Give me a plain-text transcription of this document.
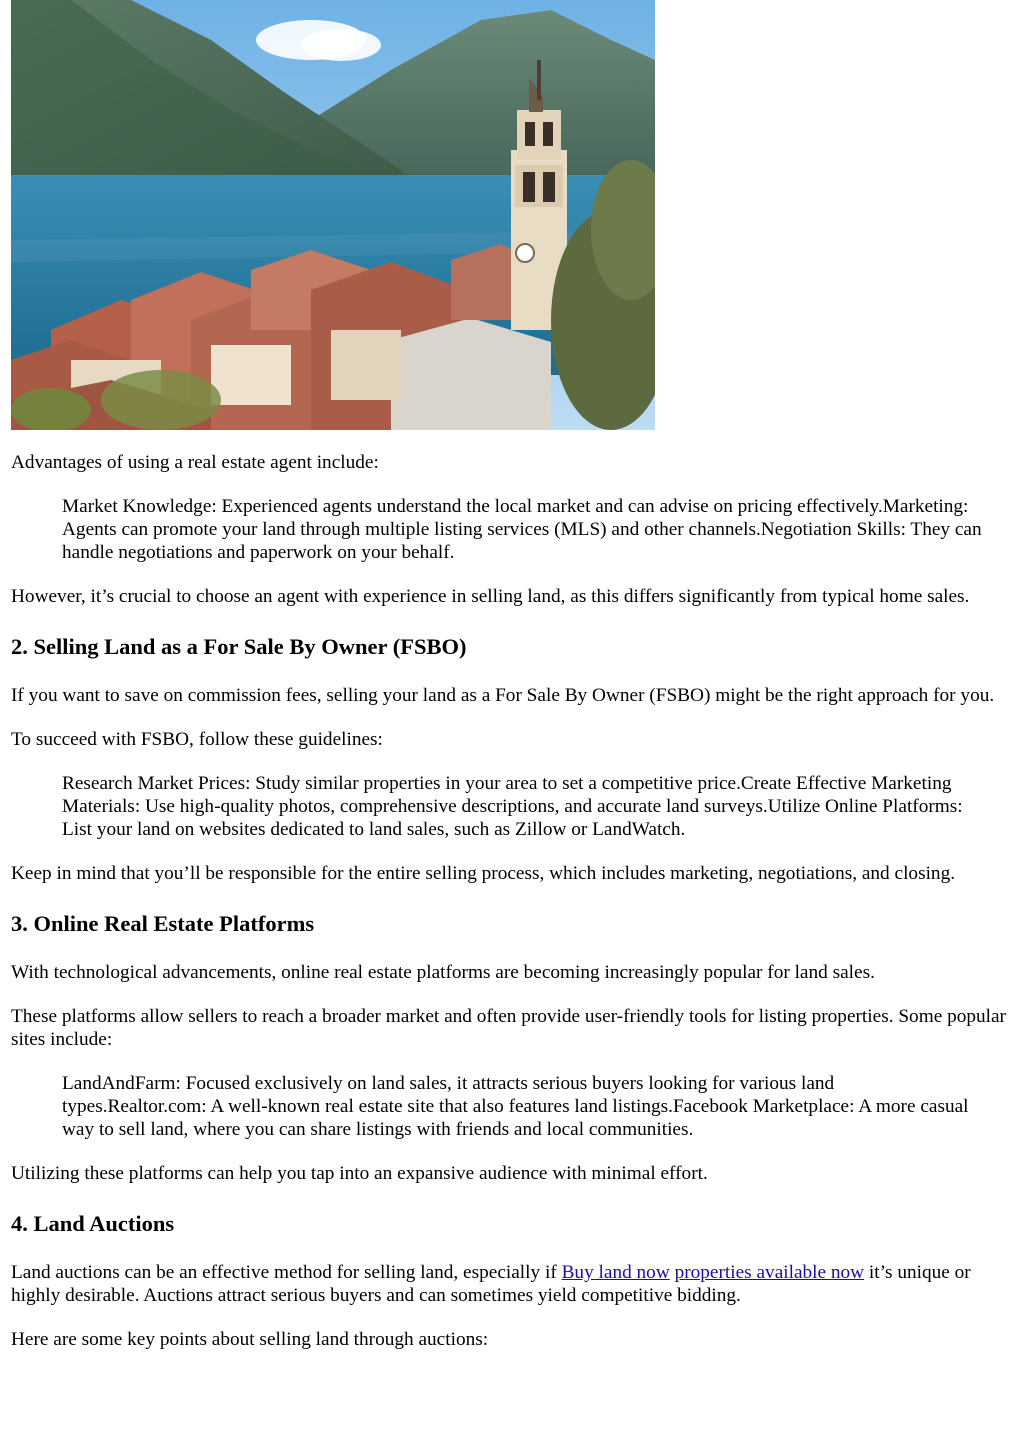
Advantages of using a real estate agent include:

Market Knowledge: Experienced agents understand the local market and can advise on pricing effectively.Marketing: Agents can promote your land through multiple listing services (MLS) and other channels.Negotiation Skills: They can handle negotiations and paperwork on your behalf.

However, it’s crucial to choose an agent with experience in selling land, as this differs significantly from typical home sales.

2. Selling Land as a For Sale By Owner (FSBO)

If you want to save on commission fees, selling your land as a For Sale By Owner (FSBO) might be the right approach for you.

To succeed with FSBO, follow these guidelines:

Research Market Prices: Study similar properties in your area to set a competitive price.Create Effective Marketing Materials: Use high-quality photos, comprehensive descriptions, and accurate land surveys.Utilize Online Platforms: List your land on websites dedicated to land sales, such as Zillow or LandWatch.

Keep in mind that you’ll be responsible for the entire selling process, which includes marketing, negotiations, and closing.

3. Online Real Estate Platforms

With technological advancements, online real estate platforms are becoming increasingly popular for land sales.

These platforms allow sellers to reach a broader market and often provide user-friendly tools for listing properties. Some popular sites include:

LandAndFarm: Focused exclusively on land sales, it attracts serious buyers looking for various land types.Realtor.com: A well-known real estate site that also features land listings.Facebook Marketplace: A more casual way to sell land, where you can share listings with friends and local communities.

Utilizing these platforms can help you tap into an expansive audience with minimal effort.

4. Land Auctions

Land auctions can be an effective method for selling land, especially if Buy land now properties available now it’s unique or highly desirable. Auctions attract serious buyers and can sometimes yield competitive bidding.

Here are some key points about selling land through auctions:
